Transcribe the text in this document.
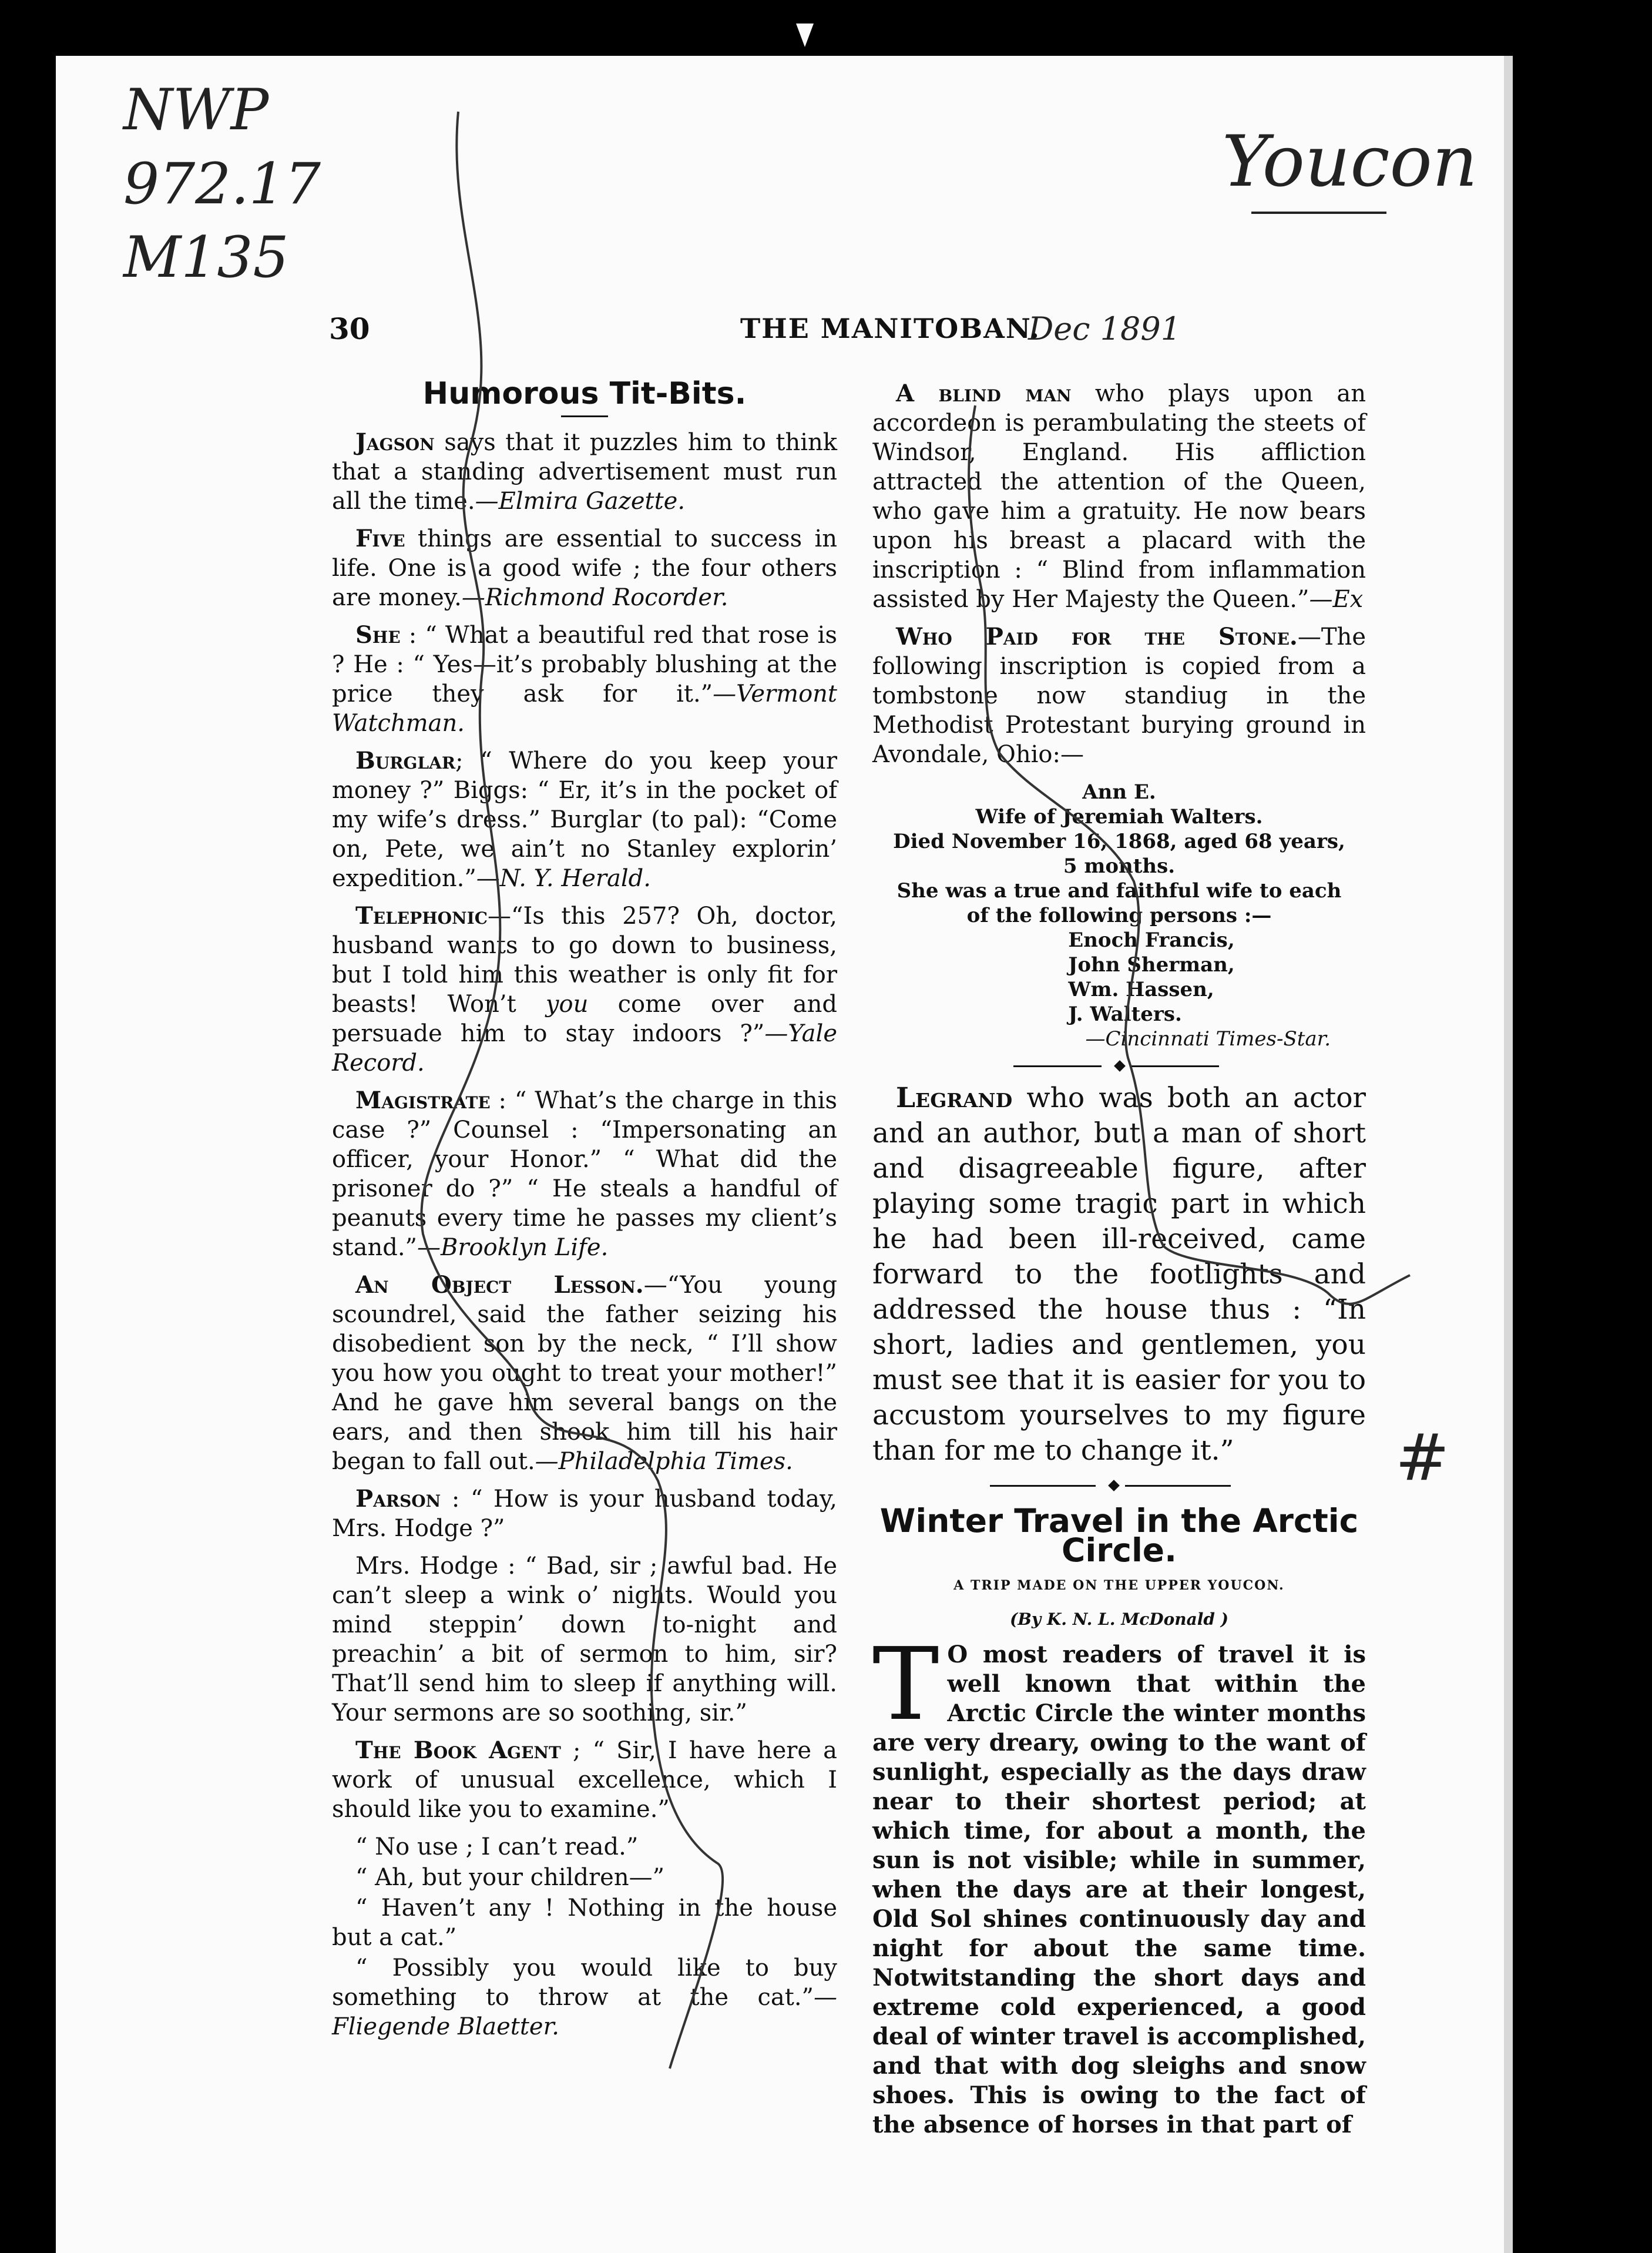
NWP
972.17
M135
Youcon
Dec 1891
#
30	THE MANITOBAN.
Humorous Tit-Bits.

Jagson says that it puzzles him to think that a standing advertisement must run all the time.—Elmira Gazette.

Five things are essential to success in life. One is a good wife ; the four others are money.—Richmond Rocorder.

She : “ What a beautiful red that rose is ? He : “ Yes—it’s probably blushing at the price they ask for it.”—Vermont Watchman.

Burglar; “ Where do you keep your money ?” Biggs: “ Er, it’s in the pocket of my wife’s dress.” Burglar (to pal): “Come on, Pete, we ain’t no Stanley explorin’ expedition.”—N. Y. Herald.

Telephonic—“Is this 257? Oh, doctor, husband wants to go down to business, but I told him this weather is only fit for beasts! Won’t you come over and persuade him to stay indoors ?”—Yale Record.

Magistrate : “ What’s the charge in this case ?” Counsel : “Impersonating an officer, your Honor.” “ What did the prisoner do ?” “ He steals a handful of peanuts every time he passes my client’s stand.”—Brooklyn Life.

An Object Lesson.—“You young scoundrel, said the father seizing his disobedient son by the neck, “ I’ll show you how you ought to treat your mother!” And he gave him several bangs on the ears, and then shook him till his hair began to fall out.—Philadelphia Times.

Parson : “ How is your husband today, Mrs. Hodge ?”

Mrs. Hodge : “ Bad, sir ; awful bad. He can’t sleep a wink o’ nights. Would you mind steppin’ down to-night and preachin’ a bit of sermon to him, sir? That’ll send him to sleep if anything will. Your sermons are so soothing, sir.”

The Book Agent ; “ Sir, I have here a work of unusual excellence, which I should like you to examine.”

“ No use ; I can’t read.”

“ Ah, but your children—”

“ Haven’t any ! Nothing in the house but a cat.”

“ Possibly you would like to buy something to throw at the cat.”—Fliegende Blaetter.

A blind man who plays upon an accordeon is perambulating the steets of Windsor, England. His affliction attracted the attention of the Queen, who gave him a gratuity. He now bears upon his breast a placard with the inscription : “ Blind from inflammation assisted by Her Majesty the Queen.”—Ex

Who Paid for the Stone.—The following inscription is copied from a tombstone now standiug in the Methodist Protestant burying ground in Avondale, Ohio:—

Ann E.
Wife of Jeremiah Walters.
Died November 16, 1868, aged 68 years,
5 months.
She was a true and faithful wife to each
of the following persons :—
Enoch Francis,
John Sherman,
Wm. Hassen,
J. Walters.
—Cincinnati Times-Star.

Legrand who was both an actor and an author, but a man of short and disagreeable figure, after playing some tragic part in which he had been ill-received, came forward to the footlights and addressed the house thus : “In short, ladies and gentlemen, you must see that it is easier for you to accustom yourselves to my figure than for me to change it.”

Winter Travel in the Arctic Circle.
A TRIP MADE ON THE UPPER YOUCON.
(By K. N. L. McDonald )

T O most readers of travel it is well known that within the Arctic Circle the winter months are very dreary, owing to the want of sunlight, especially as the days draw near to their shortest period; at which time, for about a month, the sun is not visible; while in summer, when the days are at their longest, Old Sol shines continuously day and night for about the same time. Notwitstanding the short days and extreme cold experienced, a good deal of winter travel is accomplished, and that with dog sleighs and snow shoes. This is owing to the fact of the absence of horses in that part of
